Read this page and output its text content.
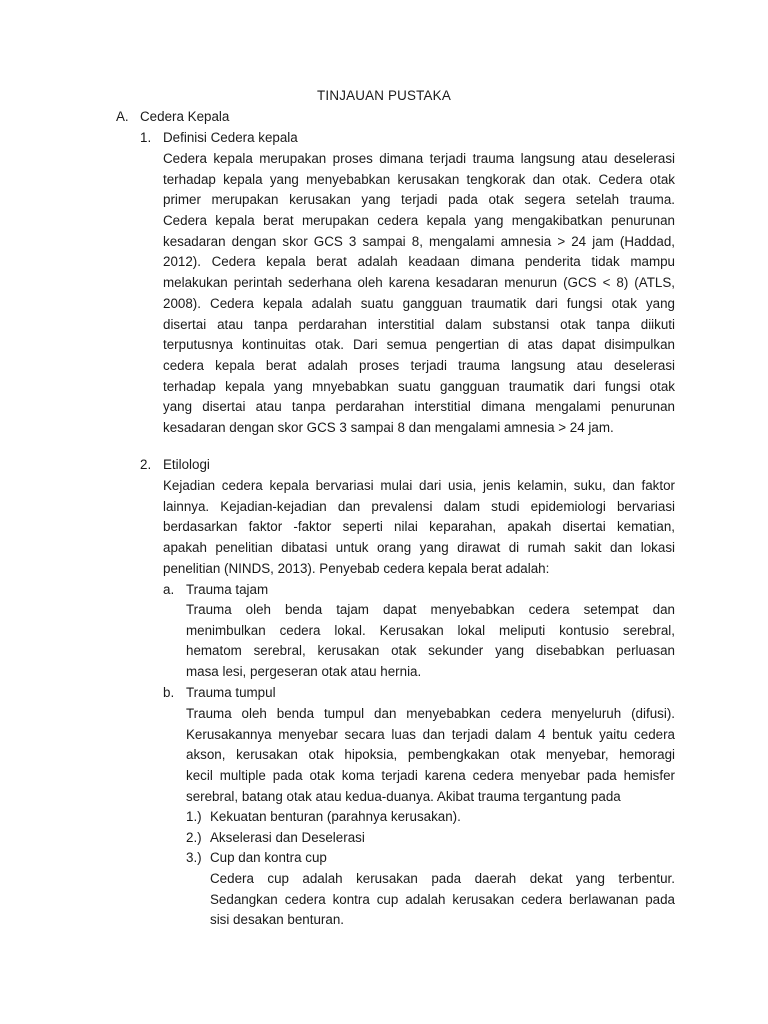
TINJAUAN PUSTAKA
A. Cedera Kepala
1. Definisi Cedera kepala
Cedera kepala merupakan proses dimana terjadi trauma langsung atau deselerasi
terhadap kepala yang menyebabkan kerusakan tengkorak dan otak. Cedera otak
primer merupakan kerusakan yang terjadi pada otak segera setelah trauma.
Cedera kepala berat merupakan cedera kepala yang mengakibatkan penurunan
kesadaran dengan skor GCS 3 sampai 8, mengalami amnesia > 24 jam (Haddad,
2012). Cedera kepala berat adalah keadaan dimana penderita tidak mampu
melakukan perintah sederhana oleh karena kesadaran menurun (GCS < 8) (ATLS,
2008). Cedera kepala adalah suatu gangguan traumatik dari fungsi otak yang
disertai atau tanpa perdarahan interstitial dalam substansi otak tanpa diikuti
terputusnya kontinuitas otak. Dari semua pengertian di atas dapat disimpulkan
cedera kepala berat adalah proses terjadi trauma langsung atau deselerasi
terhadap kepala yang mnyebabkan suatu gangguan traumatik dari fungsi otak
yang disertai atau tanpa perdarahan interstitial dimana mengalami penurunan
kesadaran dengan skor GCS 3 sampai 8 dan mengalami amnesia > 24 jam.
2. Etilologi
Kejadian cedera kepala bervariasi mulai dari usia, jenis kelamin, suku, dan faktor
lainnya. Kejadian-kejadian dan prevalensi dalam studi epidemiologi bervariasi
berdasarkan faktor -faktor seperti nilai keparahan, apakah disertai kematian,
apakah penelitian dibatasi untuk orang yang dirawat di rumah sakit dan lokasi
penelitian (NINDS, 2013). Penyebab cedera kepala berat adalah:
a. Trauma tajam
Trauma oleh benda tajam dapat menyebabkan cedera setempat dan
menimbulkan cedera lokal. Kerusakan lokal meliputi kontusio serebral,
hematom serebral, kerusakan otak sekunder yang disebabkan perluasan
masa lesi, pergeseran otak atau hernia.
b. Trauma tumpul
Trauma oleh benda tumpul dan menyebabkan cedera menyeluruh (difusi).
Kerusakannya menyebar secara luas dan terjadi dalam 4 bentuk yaitu cedera
akson, kerusakan otak hipoksia, pembengkakan otak menyebar, hemoragi
kecil multiple pada otak koma terjadi karena cedera menyebar pada hemisfer
serebral, batang otak atau kedua-duanya. Akibat trauma tergantung pada
1.) Kekuatan benturan (parahnya kerusakan).
2.) Akselerasi dan Deselerasi
3.) Cup dan kontra cup
Cedera cup adalah kerusakan pada daerah dekat yang terbentur.
Sedangkan cedera kontra cup adalah kerusakan cedera berlawanan pada
sisi desakan benturan.
